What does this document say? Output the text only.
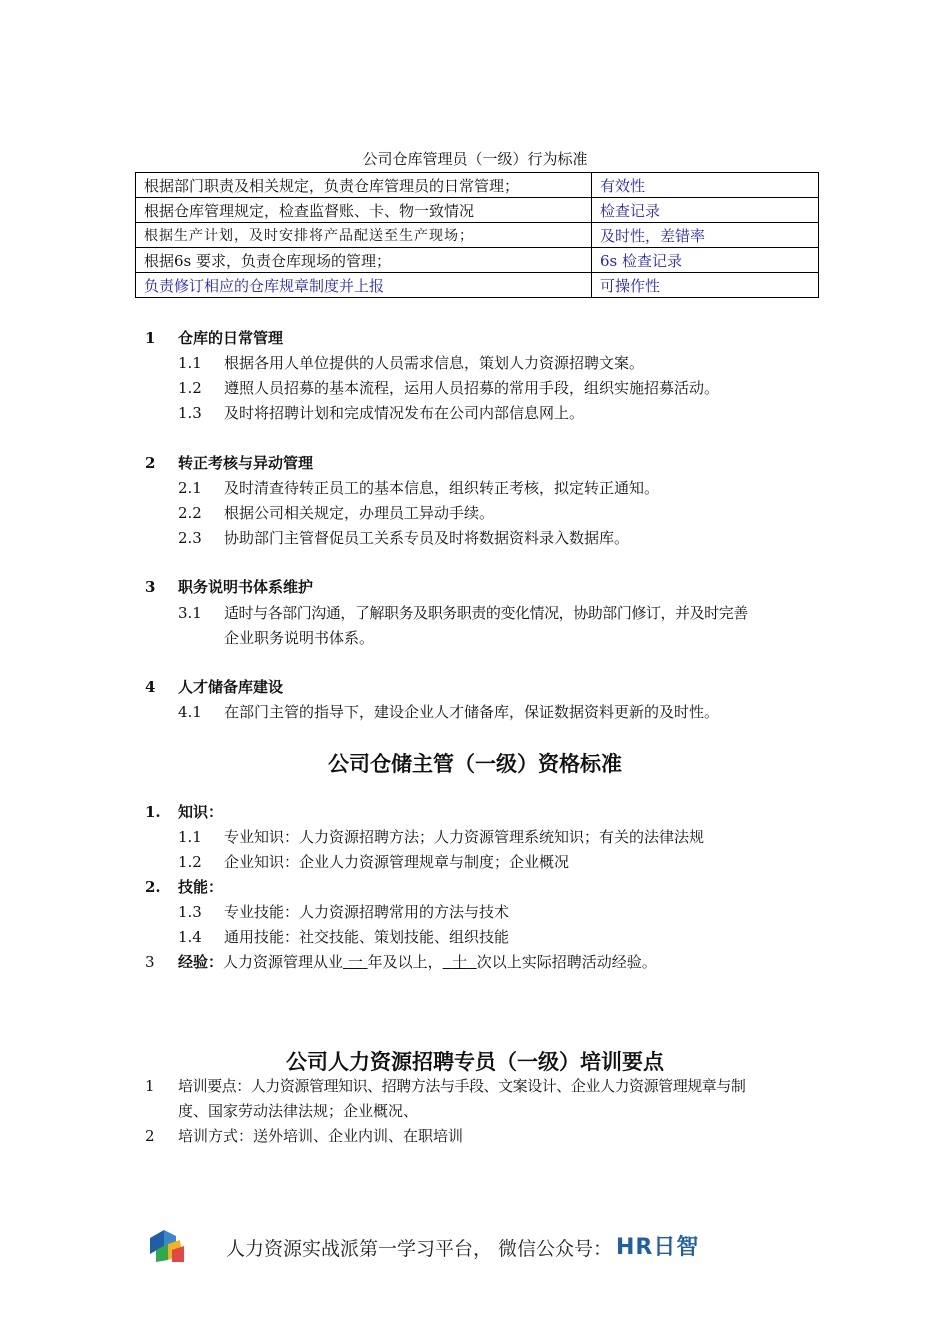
公司仓库管理员（一级）行为标准
根据部门职责及相关规定，负责仓库管理员的日常管理；	有效性
根据仓库管理规定，检查监督账、卡、物一致情况	检查记录
根据生产计划，及时安排将产品配送至生产现场；	及时性，差错率
根据6s 要求，负责仓库现场的管理；	6s 检查记录
负责修订相应的仓库规章制度并上报	可操作性
1 仓库的日常管理
1.1 根据各用人单位提供的人员需求信息，策划人力资源招聘文案。
1.2 遵照人员招募的基本流程，运用人员招募的常用手段，组织实施招募活动。
1.3 及时将招聘计划和完成情况发布在公司内部信息网上。
2 转正考核与异动管理
2.1 及时清查待转正员工的基本信息，组织转正考核，拟定转正通知。
2.2 根据公司相关规定，办理员工异动手续。
2.3 协助部门主管督促员工关系专员及时将数据资料录入数据库。
3 职务说明书体系维护
3.1 适时与各部门沟通，了解职务及职务职责的变化情况，协助部门修订，并及时完善
企业职务说明书体系。
4 人才储备库建设
4.1 在部门主管的指导下，建设企业人才储备库，保证数据资料更新的及时性。
公司仓储主管（一级）资格标准
1. 知识：
1.1 专业知识：人力资源招聘方法；人力资源管理系统知识；有关的法律法规
1.2 企业知识：企业人力资源管理规章与制度；企业概况
2. 技能：
1.3 专业技能：人力资源招聘常用的方法与技术
1.4 通用技能：社交技能、策划技能、组织技能
3 经验：人力资源管理从业 一 年及以上， 十 次以上实际招聘活动经验。
公司人力资源招聘专员（一级）培训要点
1 培训要点：人力资源管理知识、招聘方法与手段、文案设计、企业人力资源管理规章与制
度、国家劳动法律法规；企业概况、
2 培训方式：送外培训、企业内训、在职培训
人力资源实战派第一学习平台， 微信公众号： HR日智
